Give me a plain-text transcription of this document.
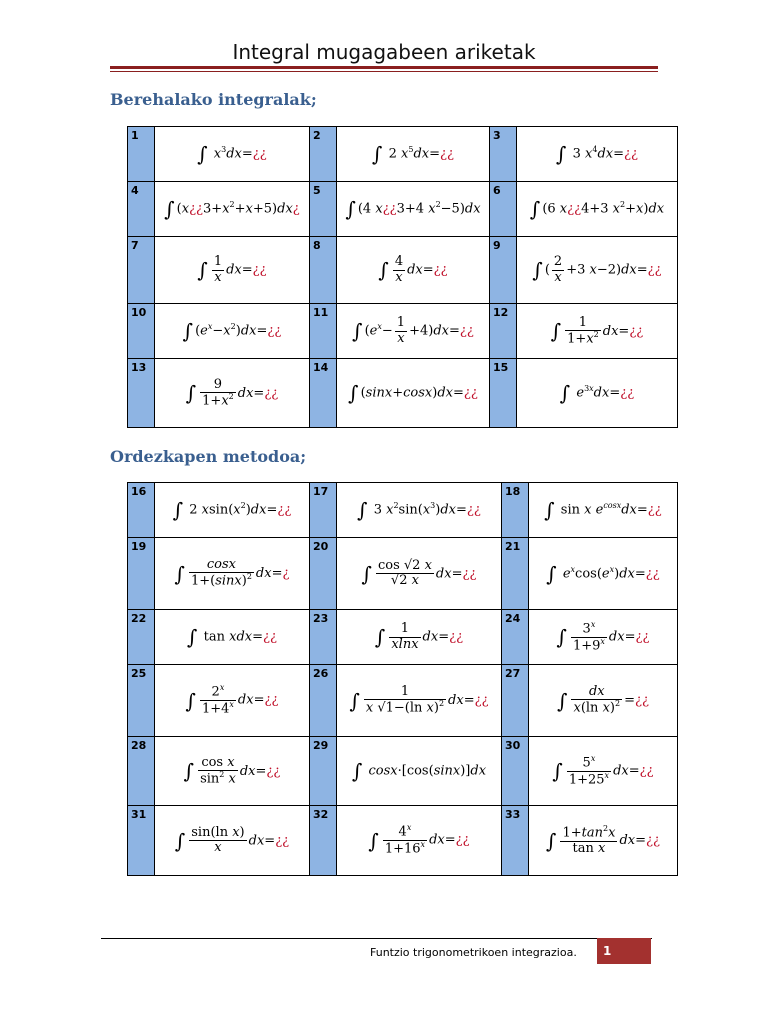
Integral mugagabeen ariketak
Berehalako integralak;
1	∫ $x^3dx=¿¿$	2	∫ 2 $x^5dx=¿¿$	3	∫ 3 $x^4dx=¿¿$
4	∫ $(x¿¿3+x^2+x+5)dx¿$	5	∫ (4 x¿¿3+4 $x^2-5)dx$	6	∫ (6 x¿¿4+3 $x^2+x)dx$
7	∫ $\frac{1}{x}$ dx=¿¿	8	∫ $\frac{4}{x}$ dx=¿¿	9	∫ ( $\frac{2}{x} +3$ x−2)dx=¿¿
10	∫ $(e^x-x^2)dx=¿¿$	11	∫ ($e^x- \frac{1}{x}$ +4)dx=¿¿	12	∫ $\frac{1}{1+x^2}$ dx=¿¿
13	∫ $\frac{9}{1+x^2}$ dx=¿¿	14	∫ (sinx+cosx)dx=¿¿	15	∫ $e^{3x}dx=¿¿$
Ordezkapen metodoa;
16	∫ 2 $xsin(x^2)dx=¿¿$	17	∫ 3 $x^2\sin(x^3)dx=¿¿$	18	∫ sin x $e^{cosx}dx=¿¿$
19	∫ $\frac{\cos x}{1+(\sin x)^2}$ dx=¿	20	∫ $\frac{\cos √2 x}{√2 x}$ dx=¿¿	21	∫ $e^x\cos(e^x)dx=¿¿$
22	∫ tan xdx=¿¿	23	∫ $\frac{1}{xlnx}$ dx=¿¿	24	∫ $\frac{3^x}{1+9^x}$ dx=¿¿
25	∫ $\frac{2^x}{1+4^x}$ dx=¿¿	26	∫ $\frac{1}{x √1-(\ln x)^2}$ dx=¿¿	27	∫ $\frac{dx}{x(\ln x)^2}$ =¿¿
28	∫ $\frac{\text{cos x}}{\sin^2 x}$ dx=¿¿	29	∫ cosx·[cos(sinx)]dx	30	∫ $\frac{5^x}{1+25^x}$ dx=¿¿
31	∫ $\frac{\text{sin(ln x)}}{x}$ dx=¿¿	32	∫ $\frac{4^x}{1+16^x}$ dx=¿¿	33	∫ $\frac{1+\tan^2x}{\text{tan x}}$ dx=¿¿
Funtzio trigonometrikoen integrazioa.	1
